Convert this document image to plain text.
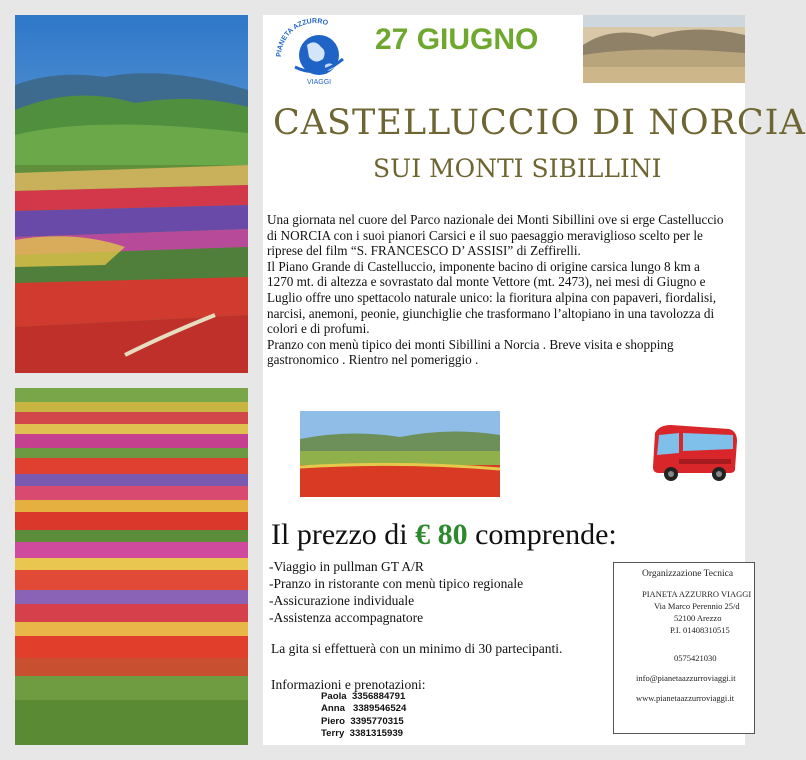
PIANETA AZZURRO
VIAGGI
27 GIUGNO
CASTELLUCCIO DI NORCIA
SUI MONTI SIBILLINI
Una giornata nel cuore del Parco nazionale dei Monti Sibillini ove si erge Castelluccio
di NORCIA con i suoi pianori Carsici e il suo paesaggio meraviglioso scelto per le
riprese del film “S. FRANCESCO D’ ASSISI” di Zeffirelli.
Il Piano Grande di Castelluccio, imponente bacino di origine carsica lungo 8 km a
1270 mt. di altezza e sovrastato dal monte Vettore (mt. 2473), nei mesi di Giugno e
Luglio offre uno spettacolo naturale unico: la fioritura alpina con papaveri, fiordalisi,
narcisi, anemoni, peonie, giunchiglie che trasformano l’altopiano in una tavolozza di
colori e di profumi.
Pranzo con menù tipico dei monti Sibillini a Norcia . Breve visita e shopping
gastronomico . Rientro nel pomeriggio .
Il prezzo di € 80 comprende:
-Viaggio in pullman GT A/R
-Pranzo in ristorante con menù tipico regionale
-Assicurazione individuale
-Assistenza accompagnatore
La gita si effettuerà con un minimo di 30 partecipanti.
Informazioni e prenotazioni:
Paola 3356884791
Anna 3389546524
Piero 3395770315
Terry 3381315939
Organizzazione Tecnica
PIANETA AZZURRO VIAGGI
Via Marco Perennio 25/d
52100 Arezzo
P.I. 01408310515
0575421030
info@pianetaazzurroviaggi.it
www.pianetaazzurroviaggi.it
